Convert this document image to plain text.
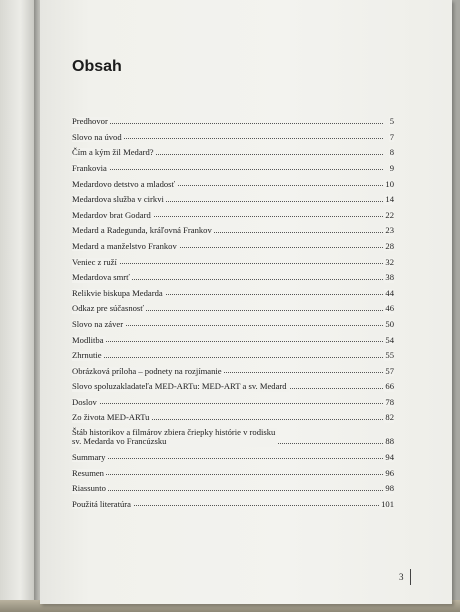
Obsah
Predhovor	5
Slovo na úvod	7
Čím a kým žil Medard?	8
Frankovia	9
Medardovo detstvo a mladosť	10
Medardova služba v cirkvi	14
Medardov brat Godard	22
Medard a Radegunda, kráľovná Frankov	23
Medard a manželstvo Frankov	28
Veniec z ruží	32
Medardova smrť	38
Relikvie biskupa Medarda	44
Odkaz pre súčasnosť	46
Slovo na záver	50
Modlitba	54
Zhrnutie	55
Obrázková príloha – podnety na rozjímanie	57
Slovo spoluzakladateľa MED-ARTu: MED-ART a sv. Medard	66
Doslov	78
Zo života MED-ARTu	82
Štáb historikov a filmárov zbiera čriepky histórie v rodisku
sv. Medarda vo Francúzsku	88
Summary	94
Resumen	96
Riassunto	98
Použitá literatúra	101
3
